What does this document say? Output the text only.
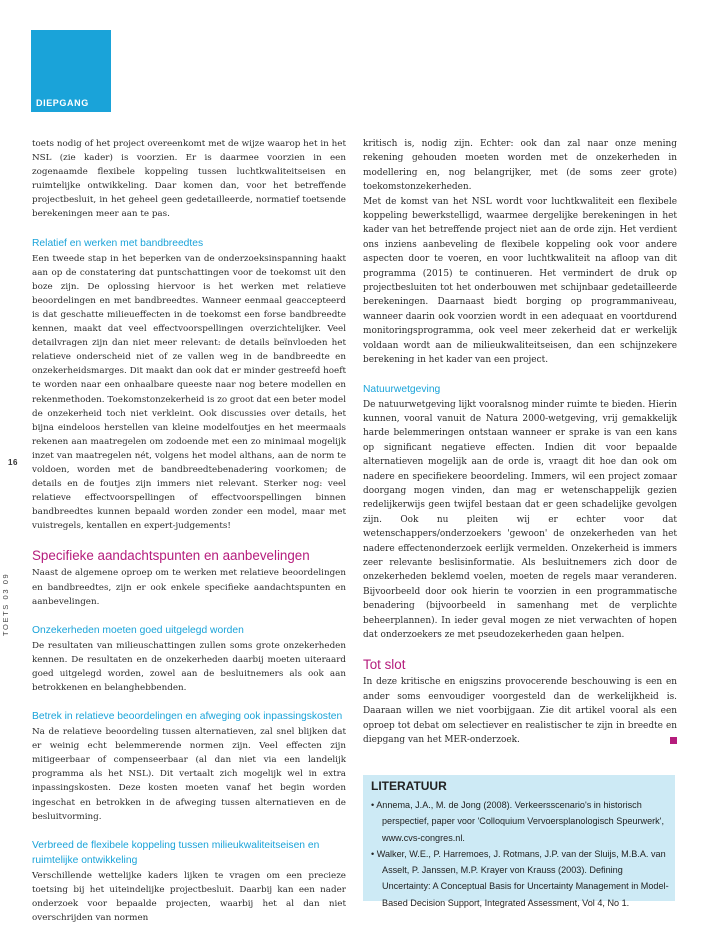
DIEPGANG
16
TOETS 03 09

toets nodig of het project overeenkomt met de wijze waarop het in het NSL (zie kader) is voorzien. Er is daarmee voorzien in een zogenaamde flexibele koppeling tussen luchtkwaliteitseisen en ruimtelijke ontwikkeling. Daar komen dan, voor het betreffende projectbesluit, in het geheel geen gedetailleerde, normatief toetsende berekeningen meer aan te pas.

Relatief en werken met bandbreedtes

Een tweede stap in het beperken van de onderzoeksinspanning haakt aan op de constatering dat puntschattingen voor de toekomst uit den boze zijn. De oplossing hiervoor is het werken met relatieve beoordelingen en met bandbreedtes. Wanneer eenmaal geaccepteerd is dat geschatte milieueffecten in de toekomst een forse bandbreedte kennen, maakt dat veel effectvoorspellingen overzichtelijker. Veel detailvragen zijn dan niet meer relevant: de details beïnvloeden het relatieve onderscheid niet of ze vallen weg in de bandbreedte en onzekerheidsmarges. Dit maakt dan ook dat er minder gestreefd hoeft te worden naar een onhaalbare queeste naar nog betere modellen en rekenmethoden. Toekomstonzekerheid is zo groot dat een beter model de onzekerheid toch niet verkleint. Ook discussies over details, het bijna eindeloos herstellen van kleine modelfoutjes en het meermaals rekenen aan maatregelen om zodoende met een zo minimaal mogelijk inzet van maatregelen nét, volgens het model althans, aan de norm te voldoen, worden met de bandbreedtebenadering voorkomen; de details en de foutjes zijn immers niet relevant. Sterker nog: veel relatieve effectvoorspellingen of effectvoorspellingen binnen bandbreedtes kunnen bepaald worden zonder een model, maar met vuistregels, kentallen en expert-judgements!

Specifieke aandachtspunten en aanbevelingen

Naast de algemene oproep om te werken met relatieve beoordelingen en bandbreedtes, zijn er ook enkele specifieke aandachtspunten en aanbevelingen.

Onzekerheden moeten goed uitgelegd worden

De resultaten van milieuschattingen zullen soms grote onzekerheden kennen. De resultaten en de onzekerheden daarbij moeten uiteraard goed uitgelegd worden, zowel aan de besluitnemers als ook aan betrokkenen en belanghebbenden.

Betrek in relatieve beoordelingen en afweging ook inpassingskosten

Na de relatieve beoordeling tussen alternatieven, zal snel blijken dat er weinig echt belemmerende normen zijn. Veel effecten zijn mitigeerbaar of compenseerbaar (al dan niet via een landelijk programma als het NSL). Dit vertaalt zich mogelijk wel in extra inpassingskosten. Deze kosten moeten vanaf het begin worden ingeschat en betrokken in de afweging tussen alternatieven en de besluitvorming.

Verbreed de flexibele koppeling tussen milieukwaliteitseisen en ruimtelijke ontwikkeling

Verschillende wettelijke kaders lijken te vragen om een precieze toetsing bij het uiteindelijke projectbesluit. Daarbij kan een nader onderzoek voor bepaalde projecten, waarbij het al dan niet overschrijden van normen

kritisch is, nodig zijn. Echter: ook dan zal naar onze mening rekening gehouden moeten worden met de onzekerheden in modellering en, nog belangrijker, met (de soms zeer grote) toekomstonzekerheden.

Met de komst van het NSL wordt voor luchtkwaliteit een flexibele koppeling bewerkstelligd, waarmee dergelijke berekeningen in het kader van het betreffende project niet aan de orde zijn. Het verdient ons inziens aanbeveling de flexibele koppeling ook voor andere aspecten door te voeren, en voor luchtkwaliteit na afloop van dit programma (2015) te continueren. Het vermindert de druk op projectbesluiten tot het onderbouwen met schijnbaar gedetailleerde berekeningen. Daarnaast biedt borging op programmaniveau, wanneer daarin ook voorzien wordt in een adequaat en voortdurend monitoringsprogramma, ook veel meer zekerheid dat er werkelijk voldaan wordt aan de milieukwaliteitseisen, dan een schijnzekere berekening in het kader van een project.

Natuurwetgeving

De natuurwetgeving lijkt vooralsnog minder ruimte te bieden. Hierin kunnen, vooral vanuit de Natura 2000-wetgeving, vrij gemakkelijk harde belemmeringen ontstaan wanneer er sprake is van een kans op significant negatieve effecten. Indien dit voor bepaalde alternatieven mogelijk aan de orde is, vraagt dit hoe dan ook om nadere en specifiekere beoordeling. Immers, wil een project zomaar doorgang mogen vinden, dan mag er wetenschappelijk gezien redelijkerwijs geen twijfel bestaan dat er geen schadelijke gevolgen zijn. Ook nu pleiten wij er echter voor dat wetenschappers/onderzoekers 'gewoon' de onzekerheden van het nadere effectenonderzoek eerlijk vermelden. Onzekerheid is immers zeer relevante beslisinformatie. Als besluitnemers zich door de onzekerheden beklemd voelen, moeten de regels maar veranderen. Bijvoorbeeld door ook hierin te voorzien in een programmatische benadering (bijvoorbeeld in samenhang met de verplichte beheerplannen). In ieder geval mogen ze niet verwachten of hopen dat onderzoekers ze met pseudozekerheden gaan helpen.

Tot slot

In deze kritische en enigszins provocerende beschouwing is een en ander soms eenvoudiger voorgesteld dan de werkelijkheid is. Daaraan willen we niet voorbijgaan. Zie dit artikel vooral als een oproep tot debat om selectiever en realistischer te zijn in breedte en diepgang van het MER-onderzoek.

LITERATUUR
• Annema, J.A., M. de Jong (2008). Verkeersscenario's in historisch perspectief, paper voor 'Colloquium Vervoersplanologisch Speurwerk', www.cvs-congres.nl.
• Walker, W.E., P. Harremoes, J. Rotmans, J.P. van der Sluijs, M.B.A. van Asselt, P. Janssen, M.P. Krayer von Krauss (2003). Defining Uncertainty: A Conceptual Basis for Uncertainty Management in Model-Based Decision Support, Integrated Assessment, Vol 4, No 1.
